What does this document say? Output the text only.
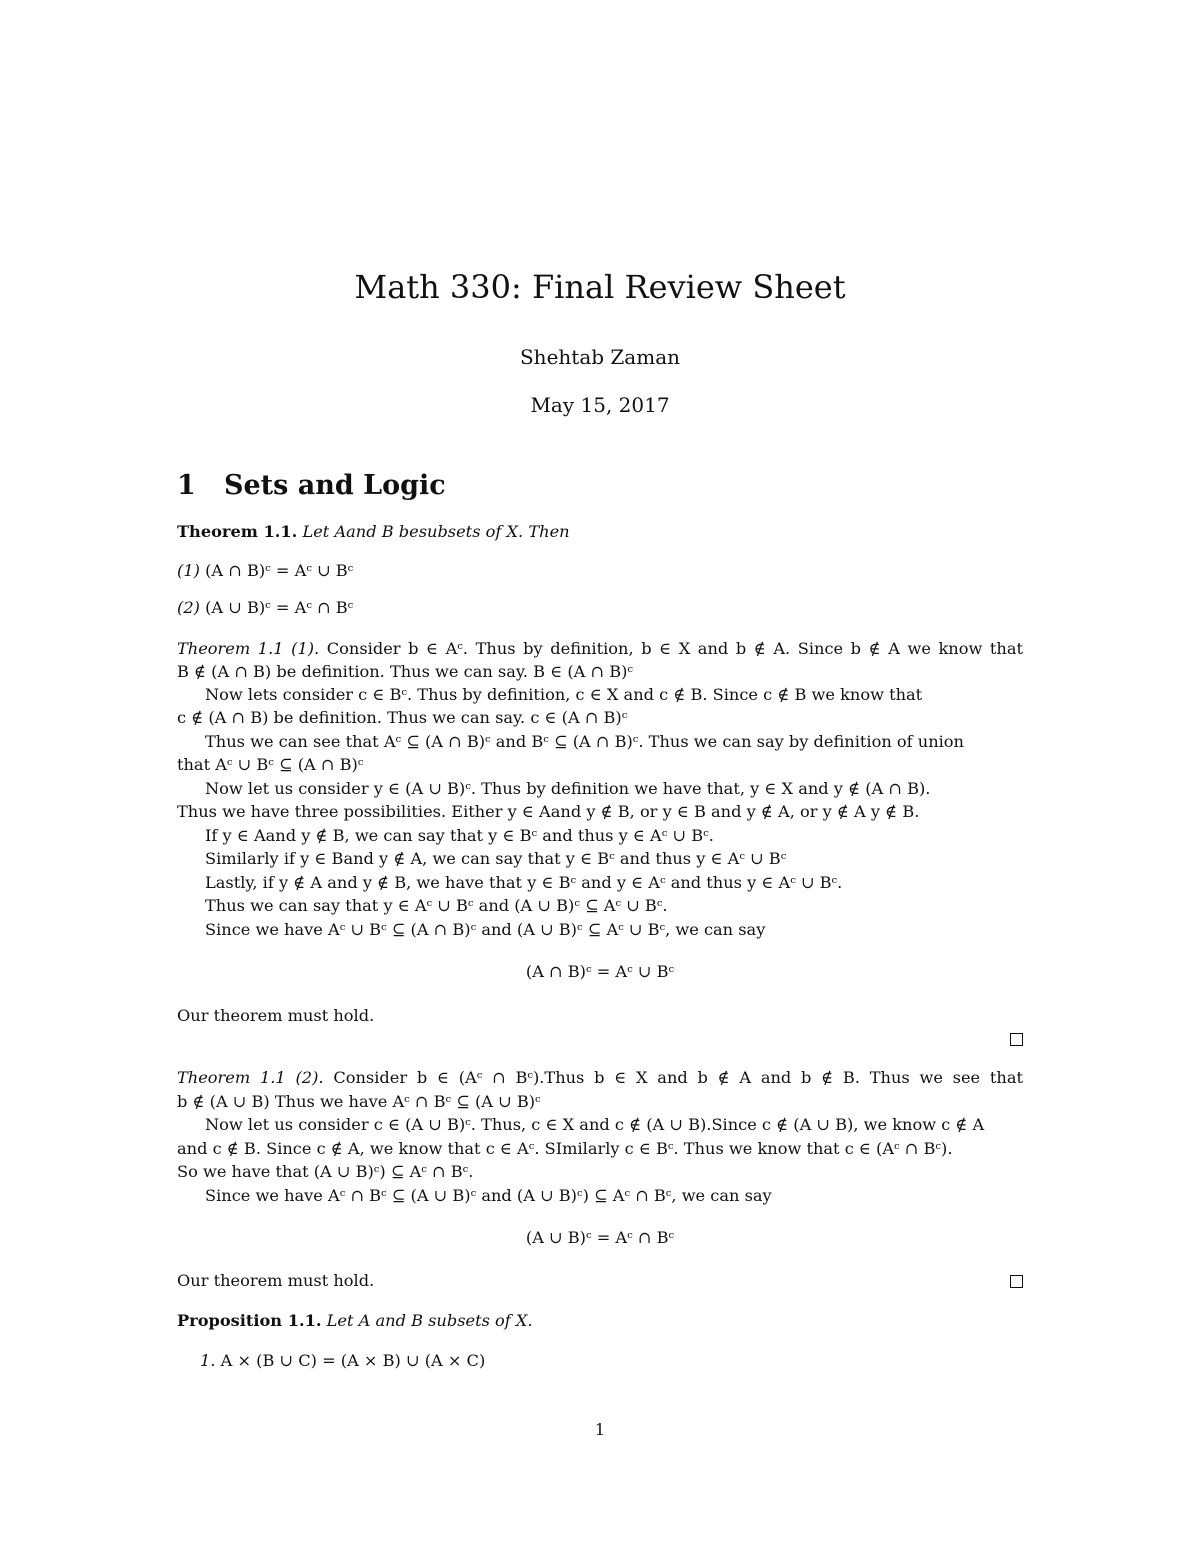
Math 330: Final Review Sheet
Shehtab Zaman
May 15, 2017
1 Sets and Logic
Theorem 1.1. Let Aand B besubsets of X. Then
(1) (A ∩ B)ᶜ = Aᶜ ∪ Bᶜ
(2) (A ∪ B)ᶜ = Aᶜ ∩ Bᶜ
Theorem 1.1 (1). Consider b ∈ Aᶜ. Thus by definition, b ∈ X and b ∉ A. Since b ∉ A we know that
B ∉ (A ∩ B) be definition. Thus we can say. B ∈ (A ∩ B)ᶜ
Now lets consider c ∈ Bᶜ. Thus by definition, c ∈ X and c ∉ B. Since c ∉ B we know that
c ∉ (A ∩ B) be definition. Thus we can say. c ∈ (A ∩ B)ᶜ
Thus we can see that Aᶜ ⊆ (A ∩ B)ᶜ and Bᶜ ⊆ (A ∩ B)ᶜ. Thus we can say by definition of union
that Aᶜ ∪ Bᶜ ⊆ (A ∩ B)ᶜ
Now let us consider y ∈ (A ∪ B)ᶜ. Thus by definition we have that, y ∈ X and y ∉ (A ∩ B).
Thus we have three possibilities. Either y ∈ Aand y ∉ B, or y ∈ B and y ∉ A, or y ∉ A y ∉ B.
If y ∈ Aand y ∉ B, we can say that y ∈ Bᶜ and thus y ∈ Aᶜ ∪ Bᶜ.
Similarly if y ∈ Band y ∉ A, we can say that y ∈ Bᶜ and thus y ∈ Aᶜ ∪ Bᶜ
Lastly, if y ∉ A and y ∉ B, we have that y ∈ Bᶜ and y ∈ Aᶜ and thus y ∈ Aᶜ ∪ Bᶜ.
Thus we can say that y ∈ Aᶜ ∪ Bᶜ and (A ∪ B)ᶜ ⊆ Aᶜ ∪ Bᶜ.
Since we have Aᶜ ∪ Bᶜ ⊆ (A ∩ B)ᶜ and (A ∪ B)ᶜ ⊆ Aᶜ ∪ Bᶜ, we can say
(A ∩ B)ᶜ = Aᶜ ∪ Bᶜ
Our theorem must hold.
Theorem 1.1 (2). Consider b ∈ (Aᶜ ∩ Bᶜ).Thus b ∈ X and b ∉ A and b ∉ B. Thus we see that
b ∉ (A ∪ B) Thus we have Aᶜ ∩ Bᶜ ⊆ (A ∪ B)ᶜ
Now let us consider c ∈ (A ∪ B)ᶜ. Thus, c ∈ X and c ∉ (A ∪ B).Since c ∉ (A ∪ B), we know c ∉ A
and c ∉ B. Since c ∉ A, we know that c ∈ Aᶜ. SImilarly c ∈ Bᶜ. Thus we know that c ∈ (Aᶜ ∩ Bᶜ).
So we have that (A ∪ B)ᶜ) ⊆ Aᶜ ∩ Bᶜ.
Since we have Aᶜ ∩ Bᶜ ⊆ (A ∪ B)ᶜ and (A ∪ B)ᶜ) ⊆ Aᶜ ∩ Bᶜ, we can say
(A ∪ B)ᶜ = Aᶜ ∩ Bᶜ
Our theorem must hold.
Proposition 1.1. Let A and B subsets of X.
1. A × (B ∪ C) = (A × B) ∪ (A × C)
1
